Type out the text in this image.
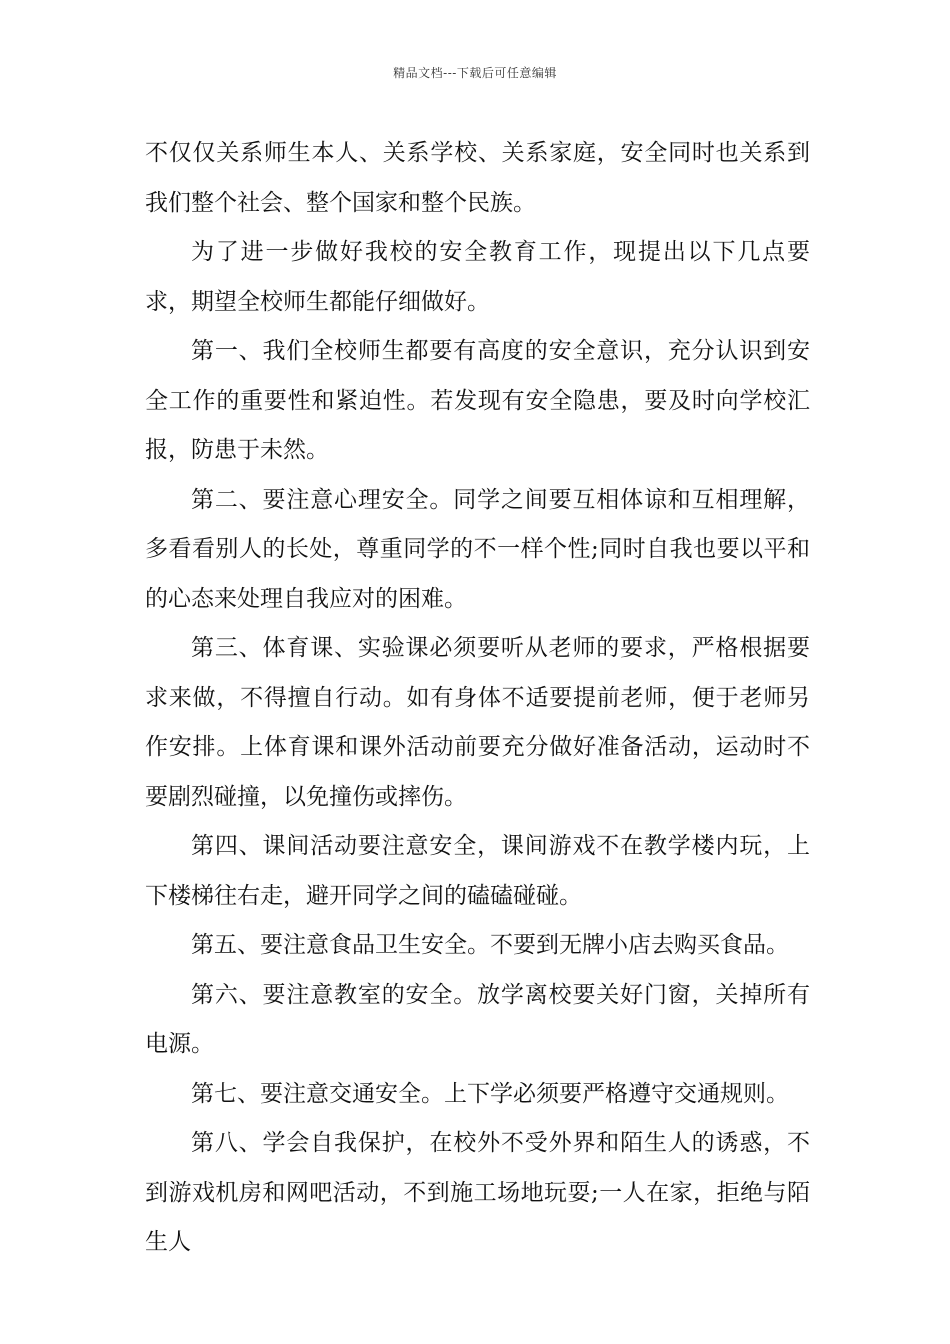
精品文档---下载后可任意编辑

不仅仅关系师生本人、关系学校、关系家庭，安全同时也关系到我们整个社会、整个国家和整个民族。

为了进一步做好我校的安全教育工作，现提出以下几点要求，期望全校师生都能仔细做好。

第一、我们全校师生都要有高度的安全意识，充分认识到安全工作的重要性和紧迫性。若发现有安全隐患，要及时向学校汇报，防患于未然。

第二、要注意心理安全。同学之间要互相体谅和互相理解，多看看别人的长处，尊重同学的不一样个性;同时自我也要以平和的心态来处理自我应对的困难。

第三、体育课、实验课必须要听从老师的要求，严格根据要求来做，不得擅自行动。如有身体不适要提前老师，便于老师另作安排。上体育课和课外活动前要充分做好准备活动，运动时不要剧烈碰撞，以免撞伤或摔伤。

第四、课间活动要注意安全，课间游戏不在教学楼内玩，上下楼梯往右走，避开同学之间的磕磕碰碰。

第五、要注意食品卫生安全。不要到无牌小店去购买食品。

第六、要注意教室的安全。放学离校要关好门窗，关掉所有电源。

第七、要注意交通安全。上下学必须要严格遵守交通规则。

第八、学会自我保护，在校外不受外界和陌生人的诱惑，不到游戏机房和网吧活动，不到施工场地玩耍;一人在家，拒绝与陌生人
